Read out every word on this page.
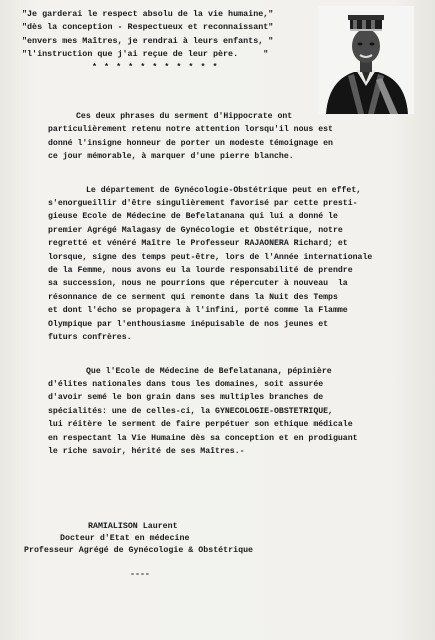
"Je garderai le respect absolu de la vie humaine,"
"dès la conception - Respectueux et reconnaissant"
"envers mes Maîtres, je rendrai à leurs enfants, "
"l'instruction que j'ai reçue de leur père.     "
* * * * * * * * * * *
Ces deux phrases du serment d'Hippocrate ont
particulièrement retenu notre attention lorsqu'il nous est
donné l'insigne honneur de porter un modeste témoignage en
ce jour mémorable, à marquer d'une pierre blanche.
Le département de Gynécologie-Obstétrique peut en effet,
s'enorgueillir d'être singulièrement favorisé par cette presti-
gieuse Ecole de Médecine de Befelatanana qui lui a donné le
premier Agrégé Malagasy de Gynécologie et Obstétrique, notre
regretté et vénéré Maître le Professeur RAJAONERA Richard; et
lorsque, signe des temps peut-être, lors de l'Année internationale
de la Femme, nous avons eu la lourde responsabilité de prendre
sa succession, nous ne pourrions que répercuter à nouveau  la
résonnance de ce serment qui remonte dans la Nuit des Temps
et dont l'écho se propagera à l'infini, porté comme la Flamme
Olympique par l'enthousiasme inépuisable de nos jeunes et
futurs confrères.
Que l'Ecole de Médecine de Befelatanana, pépinière
d'élites nationales dans tous les domaines, soit assurée
d'avoir semé le bon grain dans ses multiples branches de
spécialités: une de celles-ci, la GYNECOLOGIE-OBSTETRIQUE,
lui réitère le serment de faire perpétuer son ethique médicale
en respectant la Vie Humaine dès sa conception et en prodiguant
le riche savoir, hérité de ses Maîtres.-
RAMIALISON Laurent
Docteur d'Etat en médecine
Professeur Agrégé de Gynécologie & Obstétrique
----
